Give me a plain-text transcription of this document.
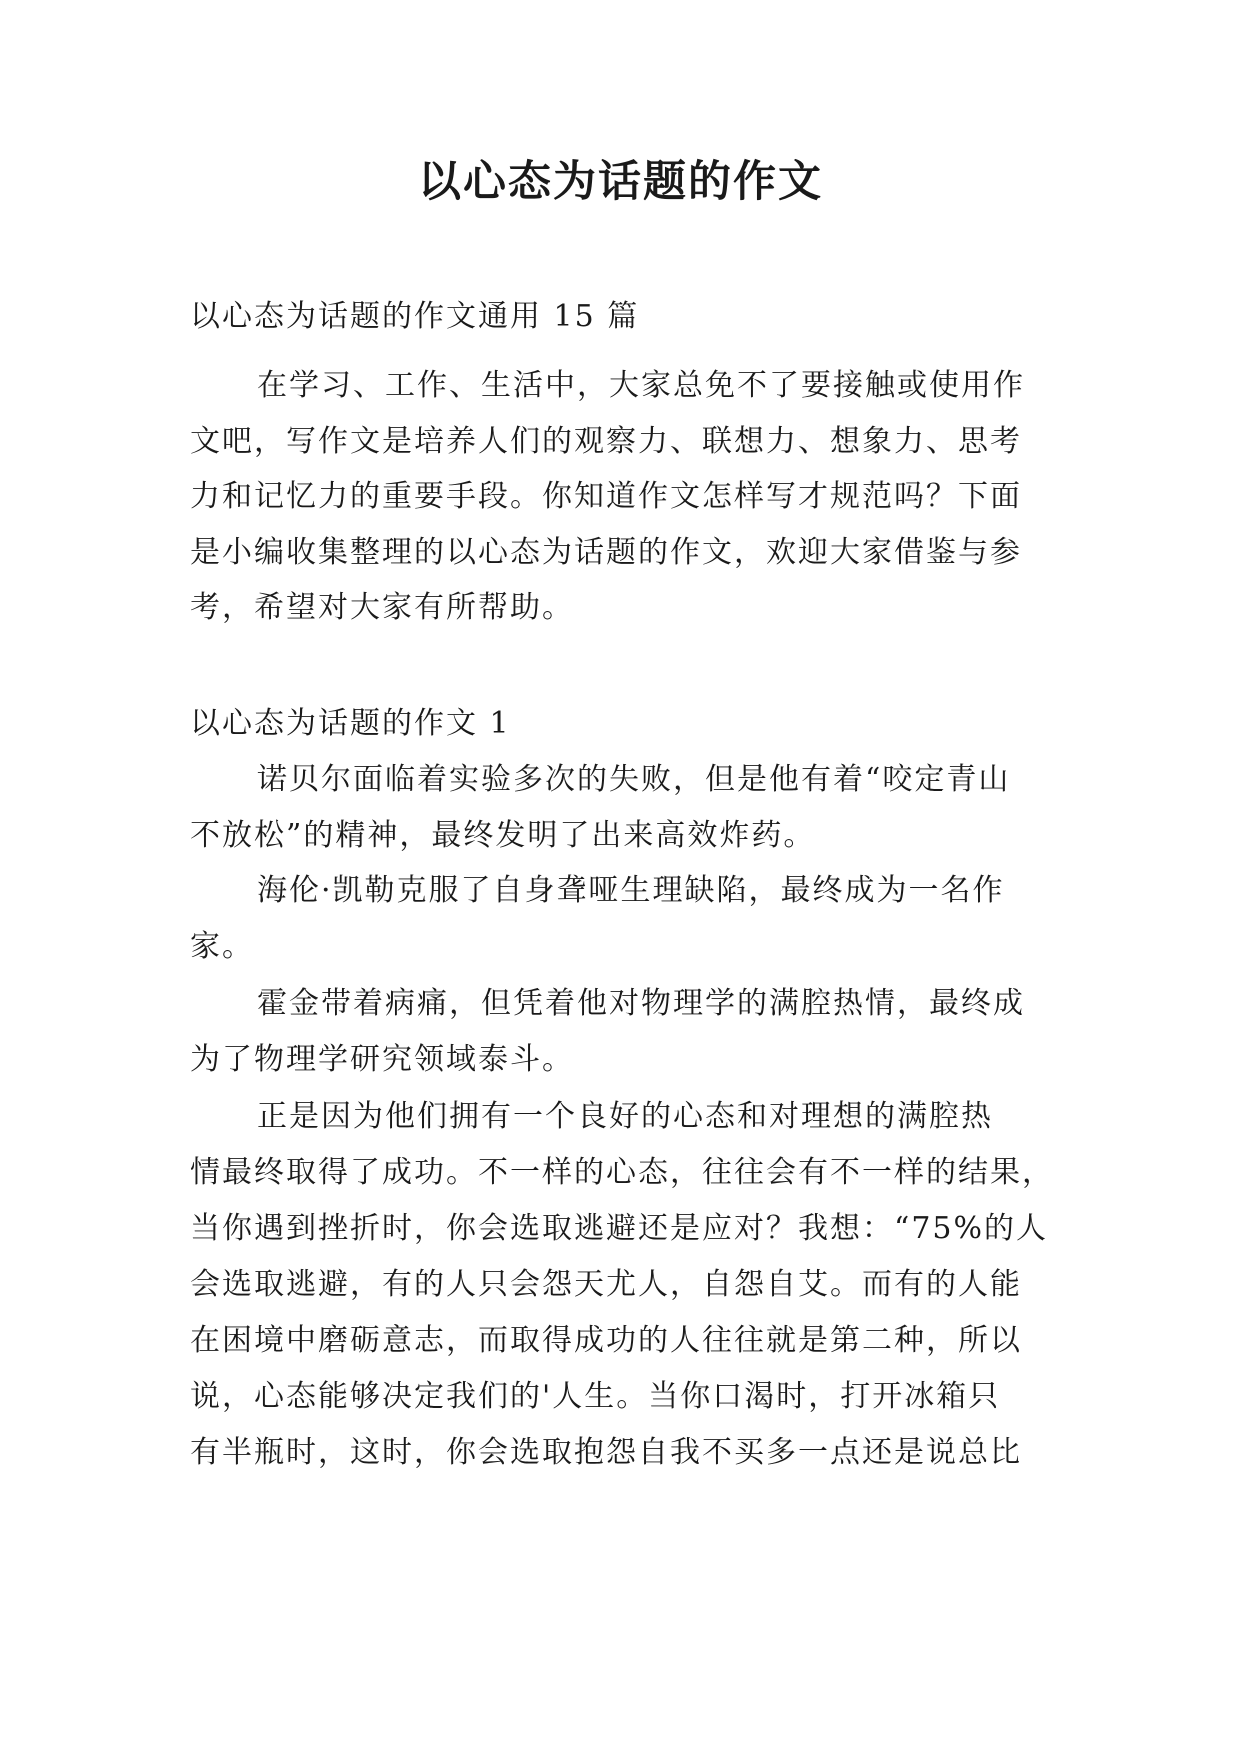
以心态为话题的作文
以心态为话题的作文通用 15 篇
在学习、工作、生活中，大家总免不了要接触或使用作
文吧，写作文是培养人们的观察力、联想力、想象力、思考
力和记忆力的重要手段。你知道作文怎样写才规范吗？下面
是小编收集整理的以心态为话题的作文，欢迎大家借鉴与参
考，希望对大家有所帮助。
以心态为话题的作文 1
诺贝尔面临着实验多次的失败，但是他有着“咬定青山
不放松”的精神，最终发明了出来高效炸药。
海伦·凯勒克服了自身聋哑生理缺陷，最终成为一名作
家。
霍金带着病痛，但凭着他对物理学的满腔热情，最终成
为了物理学研究领域泰斗。
正是因为他们拥有一个良好的心态和对理想的满腔热
情最终取得了成功。不一样的心态，往往会有不一样的结果，
当你遇到挫折时，你会选取逃避还是应对？我想：“75%的人
会选取逃避，有的人只会怨天尤人，自怨自艾。而有的人能
在困境中磨砺意志，而取得成功的人往往就是第二种，所以
说，心态能够决定我们的'人生。当你口渴时，打开冰箱只
有半瓶时，这时，你会选取抱怨自我不买多一点还是说总比
